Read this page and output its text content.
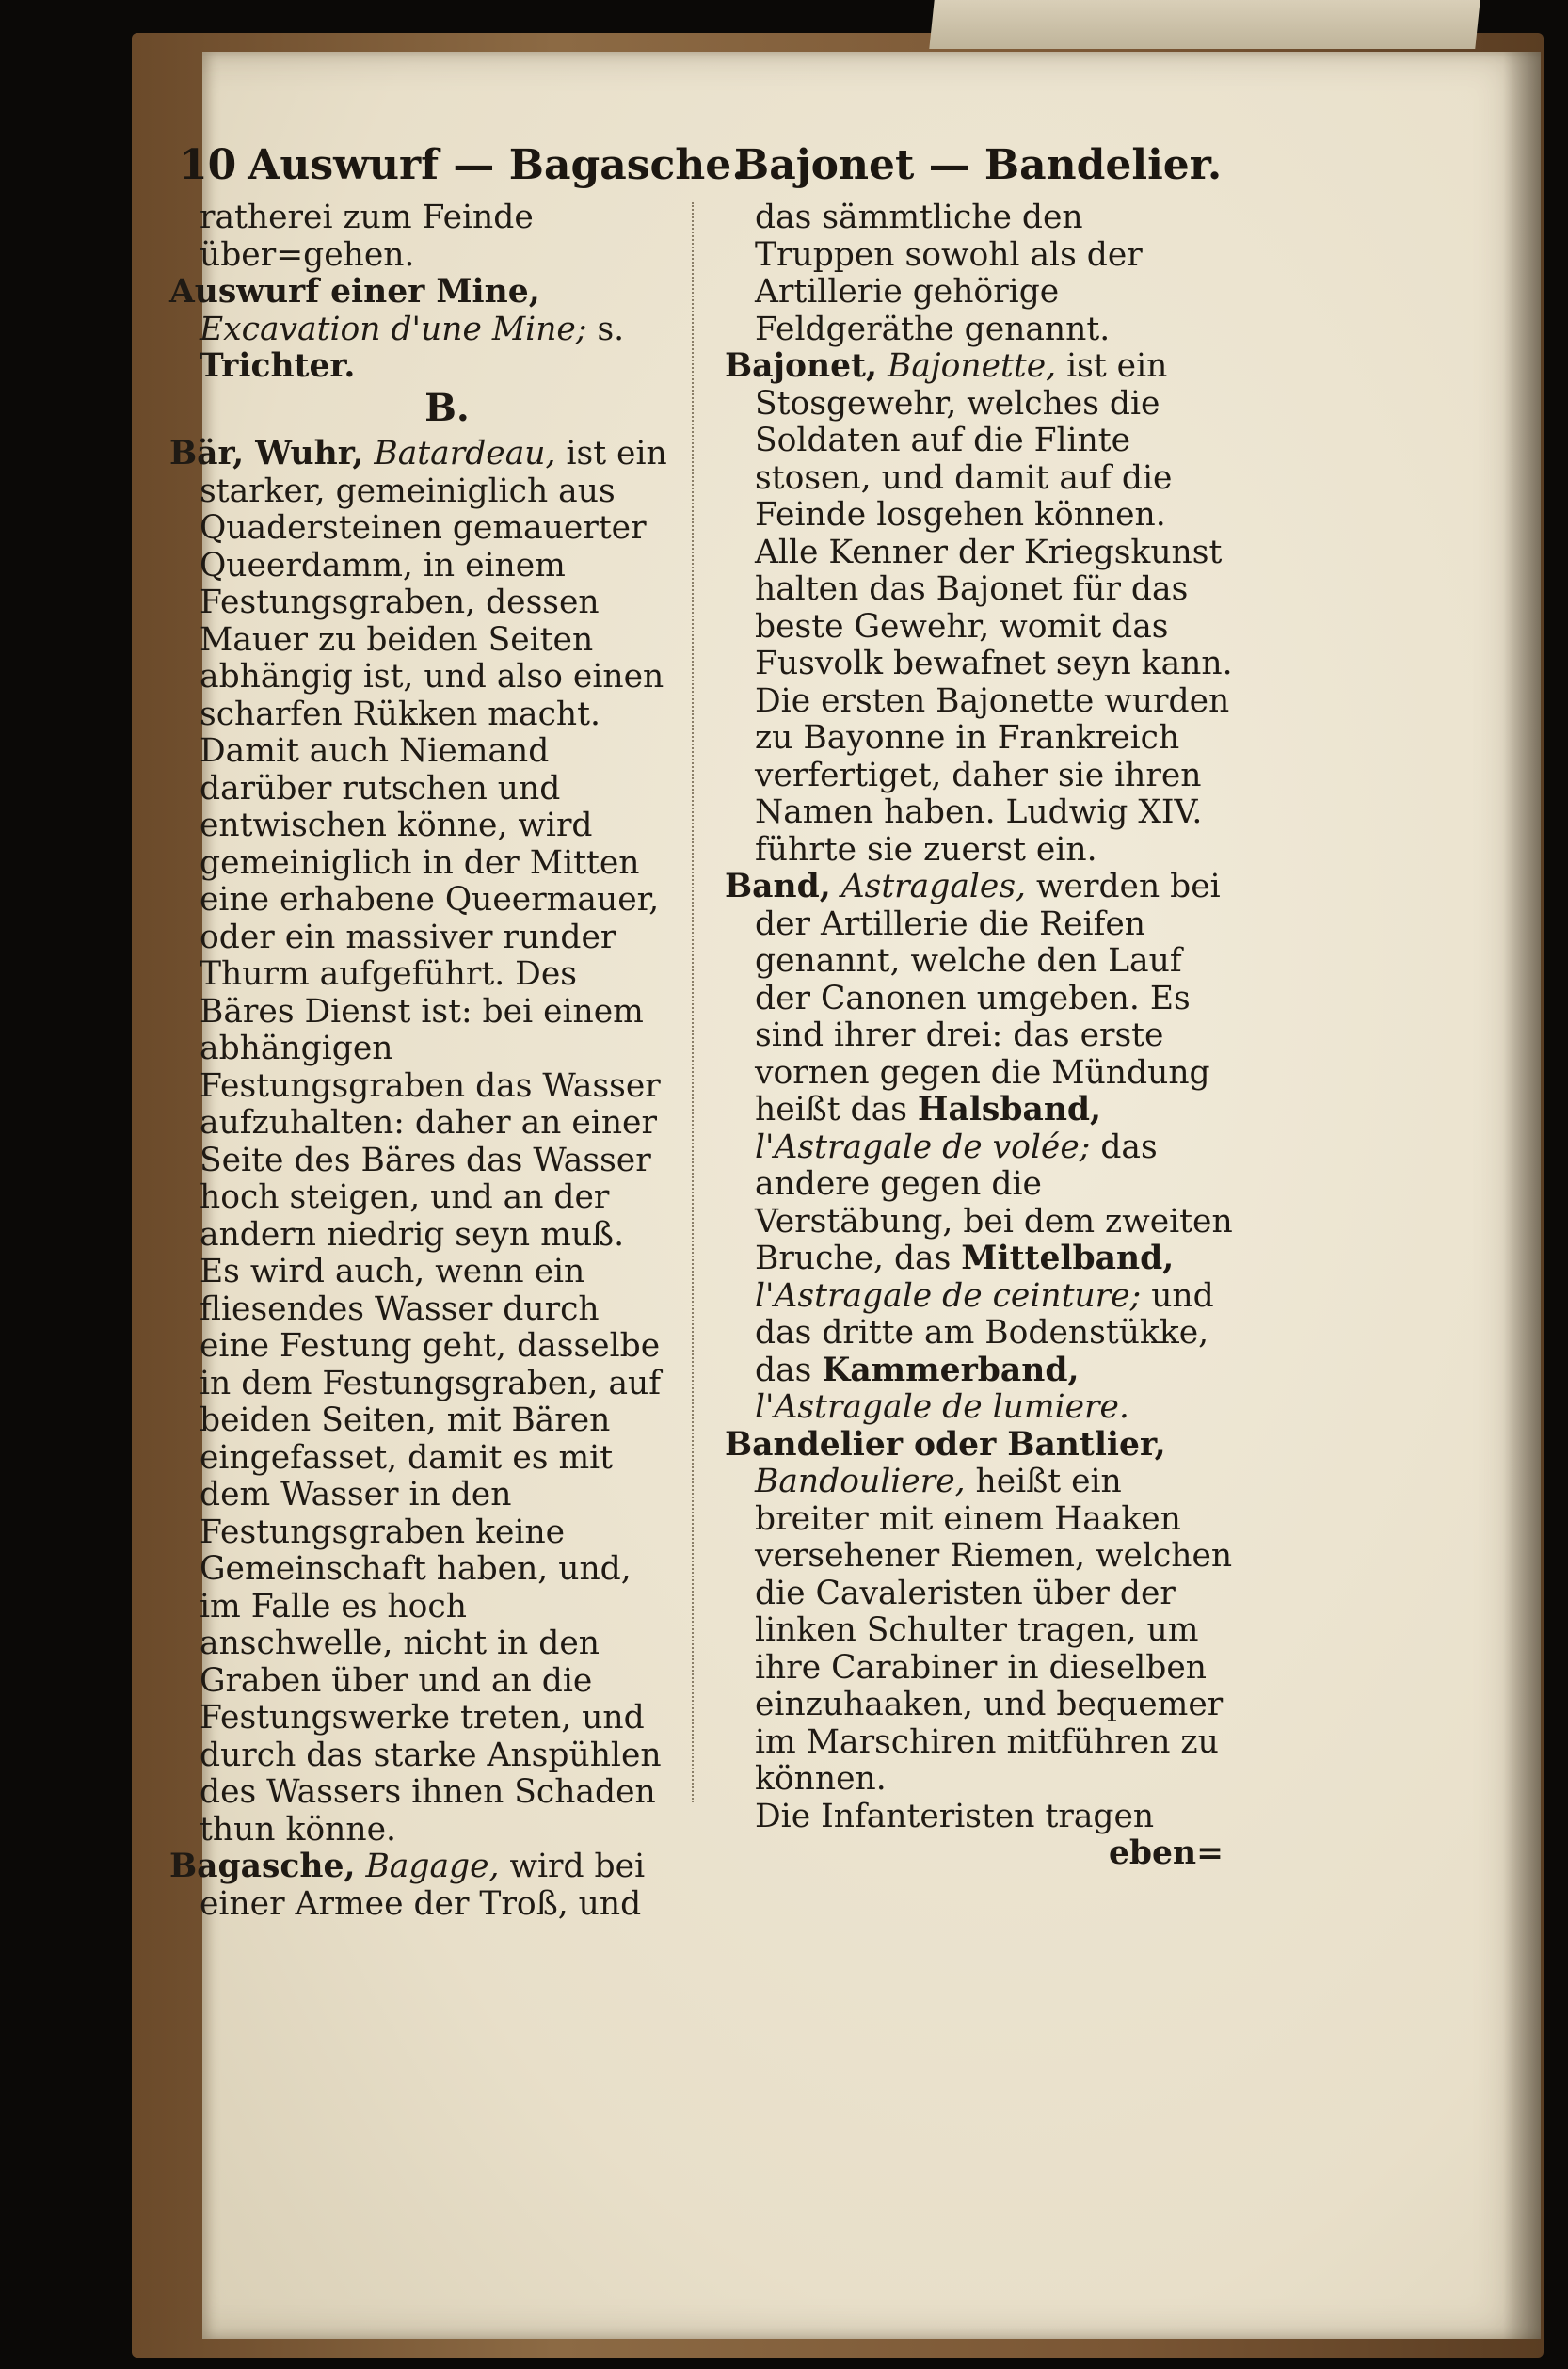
10 Auswurf — Bagasche.
Bajonet — Bandelier.

ratherei zum Feinde über=gehen.

Auswurf einer Mine, Excavation d'une Mine; s. Trichter.

B.

Bär, Wuhr, Batardeau, ist ein starker, gemeiniglich aus Quadersteinen gemauerter Queerdamm, in einem Festungsgraben, dessen Mauer zu beiden Seiten abhängig ist, und also einen scharfen Rükken macht. Damit auch Niemand darüber rutschen und entwischen könne, wird gemeiniglich in der Mitten eine erhabene Queermauer, oder ein massiver runder Thurm aufgeführt. Des Bäres Dienst ist: bei einem abhängigen Festungsgraben das Wasser aufzuhalten: daher an einer Seite des Bäres das Wasser hoch steigen, und an der andern niedrig seyn muß. Es wird auch, wenn ein fliesendes Wasser durch eine Festung geht, dasselbe in dem Festungsgraben, auf beiden Seiten, mit Bären eingefasset, damit es mit dem Wasser in den Festungsgraben keine Gemeinschaft haben, und, im Falle es hoch anschwelle, nicht in den Graben über und an die Festungswerke treten, und durch das starke Anspühlen des Wassers ihnen Schaden thun könne.

Bagasche, Bagage, wird bei einer Armee der Troß, und

das sämmtliche den Truppen sowohl als der Artillerie gehörige Feldgeräthe genannt.

Bajonet, Bajonette, ist ein Stosgewehr, welches die Soldaten auf die Flinte stosen, und damit auf die Feinde losgehen können. Alle Kenner der Kriegskunst halten das Bajonet für das beste Gewehr, womit das Fusvolk bewafnet seyn kann. Die ersten Bajonette wurden zu Bayonne in Frankreich verfertiget, daher sie ihren Namen haben. Ludwig XIV. führte sie zuerst ein.

Band, Astragales, werden bei der Artillerie die Reifen genannt, welche den Lauf der Canonen umgeben. Es sind ihrer drei: das erste vornen gegen die Mündung heißt das Halsband, l'Astragale de volée; das andere gegen die Verstäbung, bei dem zweiten Bruche, das Mittelband, l'Astragale de ceinture; und das dritte am Bodenstükke, das Kammerband, l'Astragale de lumiere.

Bandelier oder Bantlier, Bandouliere, heißt ein breiter mit einem Haaken versehener Riemen, welchen die Cavaleristen über der linken Schulter tragen, um ihre Carabiner in dieselben einzuhaaken, und bequemer im Marschiren mitführen zu können.

Die Infanteristen tragen

eben=
